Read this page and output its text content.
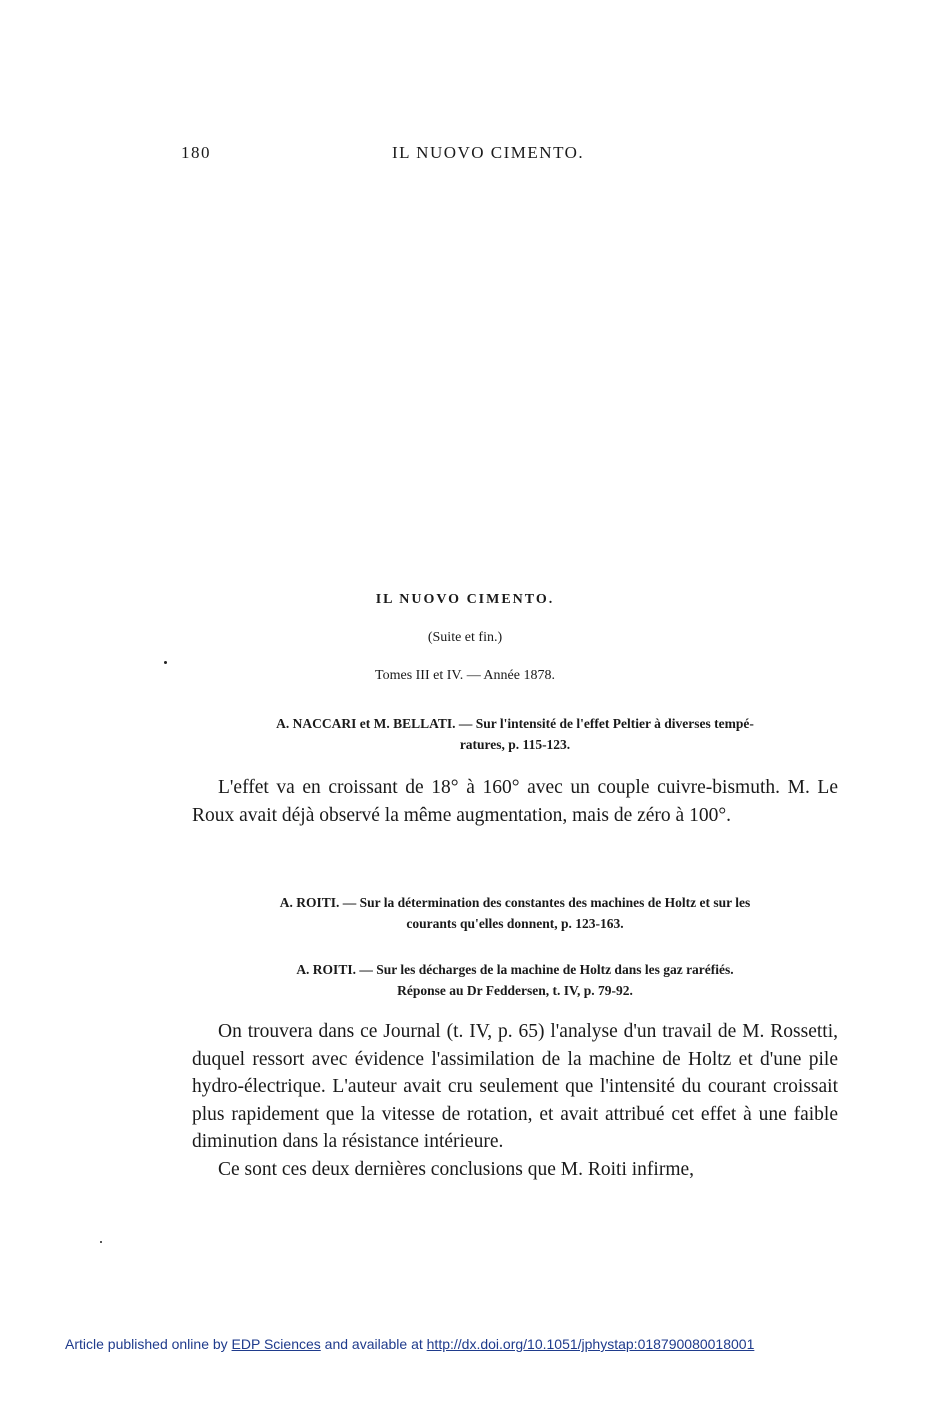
180	IL NUOVO CIMENTO.
IL NUOVO CIMENTO.
(Suite et fin.)
Tomes III et IV. — Année 1878.
A. NACCARI et M. BELLATI. — Sur l'intensité de l'effet Peltier à diverses tempé-
ratures, p. 115-123.

L'effet va en croissant de 18° à 160° avec un couple cuivre-bismuth. M. Le Roux avait déjà observé la même augmentation, mais de zéro à 100°.

A. ROITI. — Sur la détermination des constantes des machines de Holtz et sur les
courants qu'elles donnent, p. 123-163.
A. ROITI. — Sur les décharges de la machine de Holtz dans les gaz raréfiés.
Réponse au Dr Feddersen, t. IV, p. 79-92.

On trouvera dans ce Journal (t. IV, p. 65) l'analyse d'un travail de M. Rossetti, duquel ressort avec évidence l'assimilation de la machine de Holtz et d'une pile hydro-électrique. L'auteur avait cru seulement que l'intensité du courant croissait plus rapidement que la vitesse de rotation, et avait attribué cet effet à une faible diminution dans la résistance intérieure.

Ce sont ces deux dernières conclusions que M. Roiti infirme,

Article published online by EDP Sciences and available at http://dx.doi.org/10.1051/jphystap:018790080018001
